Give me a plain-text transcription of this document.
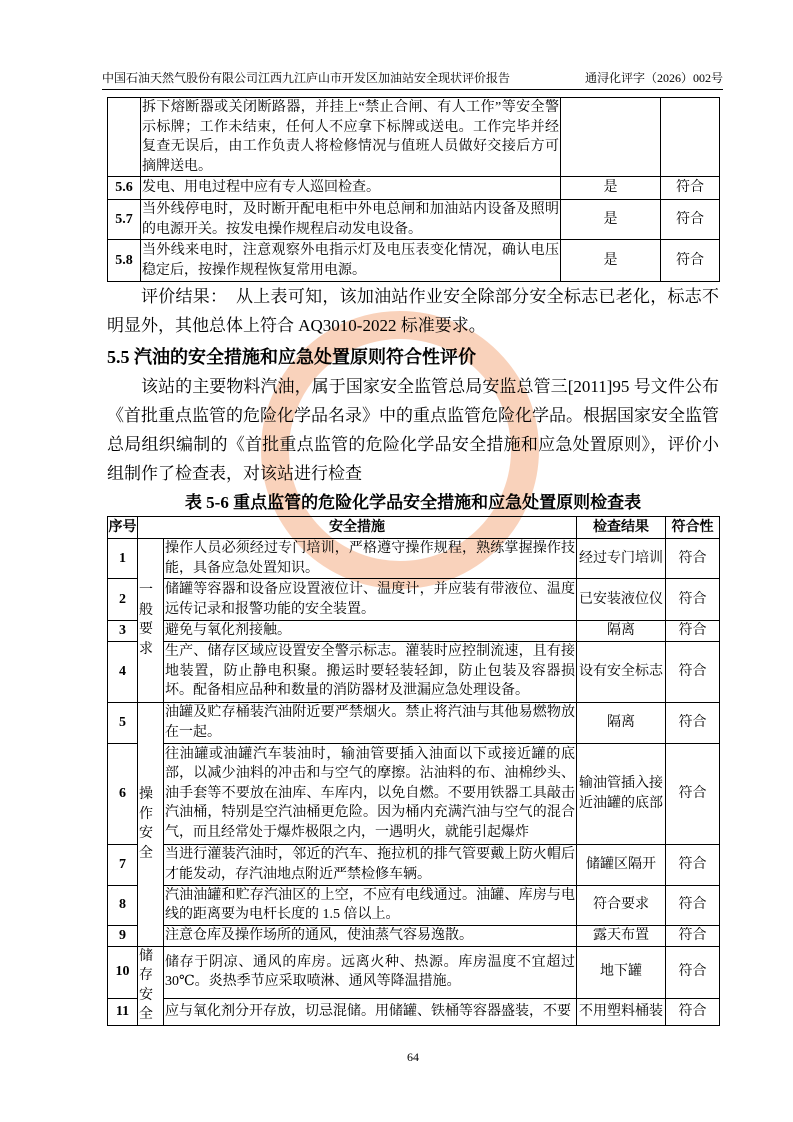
中国石油天然气股份有限公司江西九江庐山市开发区加油站安全现状评价报告	通浔化评字（2026）002号
	拆下熔断器或关闭断路器，并挂上“禁止合闸、有人工作”等安全警示标牌；工作未结束，任何人不应拿下标牌或送电。工作完毕并经复查无误后，由工作负责人将检修情况与值班人员做好交接后方可摘牌送电。		
5.6	发电、用电过程中应有专人巡回检查。	是	符合
5.7	当外线停电时，及时断开配电柜中外电总闸和加油站内设备及照明的电源开关。按发电操作规程启动发电设备。	是	符合
5.8	当外线来电时，注意观察外电指示灯及电压表变化情况，确认电压稳定后，按操作规程恢复常用电源。	是	符合
评价结果：　从上表可知，该加油站作业安全除部分安全标志已老化，标志不明显外，其他总体上符合 AQ3010-2022 标准要求。
5.5 汽油的安全措施和应急处置原则符合性评价
该站的主要物料汽油，属于国家安全监管总局安监总管三[2011]95 号文件公布《首批重点监管的危险化学品名录》中的重点监管危险化学品。根据国家安全监管总局组织编制的《首批重点监管的危险化学品安全措施和应急处置原则》，评价小组制作了检查表，对该站进行检查
表 5-6 重点监管的危险化学品安全措施和应急处置原则检查表
序号	安全措施		检查结果	符合性
1	一般要求	操作人员必须经过专门培训，严格遵守操作规程，熟练掌握操作技能，具备应急处置知识。	经过专门培训	符合
2		储罐等容器和设备应设置液位计、温度计，并应装有带液位、温度远传记录和报警功能的安全装置。	已安装液位仪	符合
3		避免与氧化剂接触。	隔离	符合
4		生产、储存区域应设置安全警示标志。灌装时应控制流速，且有接地装置，防止静电积聚。搬运时要轻装轻卸，防止包装及容器损坏。配备相应品种和数量的消防器材及泄漏应急处理设备。	设有安全标志	符合
5	操作安全	油罐及贮存桶装汽油附近要严禁烟火。禁止将汽油与其他易燃物放在一起。	隔离	符合
6		往油罐或油罐汽车装油时，输油管要插入油面以下或接近罐的底部，以减少油料的冲击和与空气的摩擦。沾油料的布、油棉纱头、油手套等不要放在油库、车库内，以免自燃。不要用铁器工具敲击汽油桶，特别是空汽油桶更危险。因为桶内充满汽油与空气的混合气，而且经常处于爆炸极限之内，一遇明火，就能引起爆炸	输油管插入接近油罐的底部	符合
7		当进行灌装汽油时，邻近的汽车、拖拉机的排气管要戴上防火帽后才能发动，存汽油地点附近严禁检修车辆。	储罐区隔开	符合
8		汽油油罐和贮存汽油区的上空，不应有电线通过。油罐、库房与电线的距离要为电杆长度的 1.5 倍以上。	符合要求	符合
9		注意仓库及操作场所的通风，使油蒸气容易逸散。	露天布置	符合
10	储存安全	储存于阴凉、通风的库房。远离火种、热源。库房温度不宜超过 30℃。炎热季节应采取喷淋、通风等降温措施。	地下罐	符合
11		应与氧化剂分开存放，切忌混储。用储罐、铁桶等容器盛装，不要	不用塑料桶装	符合
64
